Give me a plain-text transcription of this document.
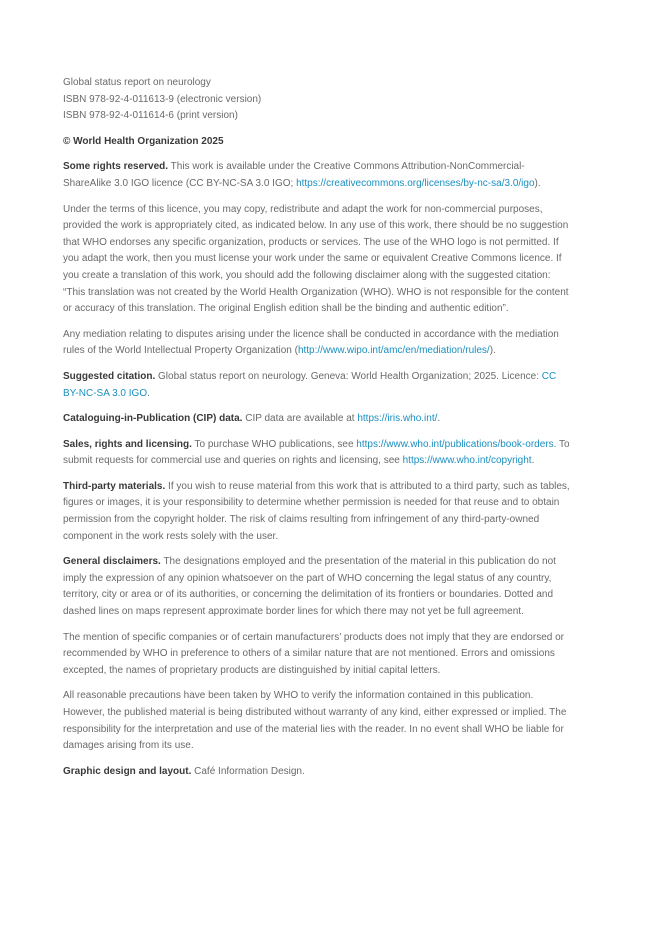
Global status report on neurology

ISBN 978-92-4-011613-9 (electronic version)

ISBN 978-92-4-011614-6 (print version)

© World Health Organization 2025

Some rights reserved. This work is available under the Creative Commons Attribution-NonCommercial-ShareAlike 3.0 IGO licence (CC BY-NC-SA 3.0 IGO; https://creativecommons.org/licenses/by-nc-sa/3.0/igo).

Under the terms of this licence, you may copy, redistribute and adapt the work for non-commercial purposes, provided the work is appropriately cited, as indicated below. In any use of this work, there should be no suggestion that WHO endorses any specific organization, products or services. The use of the WHO logo is not permitted. If you adapt the work, then you must license your work under the same or equivalent Creative Commons licence. If you create a translation of this work, you should add the following disclaimer along with the suggested citation: “This translation was not created by the World Health Organization (WHO). WHO is not responsible for the content or accuracy of this translation. The original English edition shall be the binding and authentic edition”.

Any mediation relating to disputes arising under the licence shall be conducted in accordance with the mediation rules of the World Intellectual Property Organization (http://www.wipo.int/amc/en/mediation/rules/).

Suggested citation. Global status report on neurology. Geneva: World Health Organization; 2025. Licence: CC BY-NC-SA 3.0 IGO.

Cataloguing-in-Publication (CIP) data. CIP data are available at https://iris.who.int/.

Sales, rights and licensing. To purchase WHO publications, see https://www.who.int/publications/book-orders. To submit requests for commercial use and queries on rights and licensing, see https://www.who.int/copyright.

Third-party materials. If you wish to reuse material from this work that is attributed to a third party, such as tables, figures or images, it is your responsibility to determine whether permission is needed for that reuse and to obtain permission from the copyright holder. The risk of claims resulting from infringement of any third-party-owned component in the work rests solely with the user.

General disclaimers. The designations employed and the presentation of the material in this publication do not imply the expression of any opinion whatsoever on the part of WHO concerning the legal status of any country, territory, city or area or of its authorities, or concerning the delimitation of its frontiers or boundaries. Dotted and dashed lines on maps represent approximate border lines for which there may not yet be full agreement.

The mention of specific companies or of certain manufacturers’ products does not imply that they are endorsed or recommended by WHO in preference to others of a similar nature that are not mentioned. Errors and omissions excepted, the names of proprietary products are distinguished by initial capital letters.

All reasonable precautions have been taken by WHO to verify the information contained in this publication. However, the published material is being distributed without warranty of any kind, either expressed or implied. The responsibility for the interpretation and use of the material lies with the reader. In no event shall WHO be liable for damages arising from its use.

Graphic design and layout. Café Information Design.
